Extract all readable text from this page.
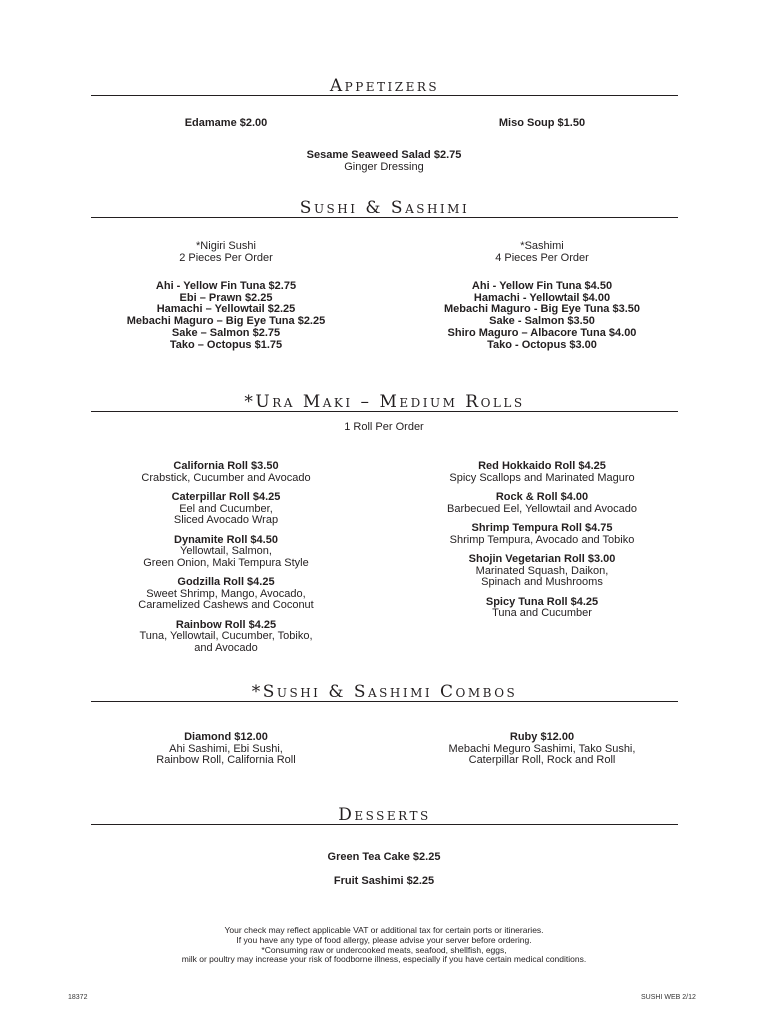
Appetizers
Edamame $2.00	Miso Soup $1.50
Sesame Seaweed Salad $2.75
Ginger Dressing
Sushi & Sashimi
*Nigiri Sushi
2 Pieces Per Order
Ahi - Yellow Fin Tuna $2.75
Ebi – Prawn $2.25
Hamachi – Yellowtail $2.25
Mebachi Maguro – Big Eye Tuna $2.25
Sake – Salmon $2.75
Tako – Octopus $1.75
*Sashimi
4 Pieces Per Order
Ahi - Yellow Fin Tuna $4.50
Hamachi - Yellowtail $4.00
Mebachi Maguro - Big Eye Tuna $3.50
Sake - Salmon $3.50
Shiro Maguro – Albacore Tuna $4.00
Tako - Octopus $3.00
*Ura Maki – Medium Rolls
1 Roll Per Order
California Roll $3.50
Crabstick, Cucumber and Avocado
Caterpillar Roll $4.25
Eel and Cucumber,
Sliced Avocado Wrap
Dynamite Roll $4.50
Yellowtail, Salmon,
Green Onion, Maki Tempura Style
Godzilla Roll $4.25
Sweet Shrimp, Mango, Avocado,
Caramelized Cashews and Coconut
Rainbow Roll $4.25
Tuna, Yellowtail, Cucumber, Tobiko,
and Avocado
Red Hokkaido Roll $4.25
Spicy Scallops and Marinated Maguro
Rock & Roll $4.00
Barbecued Eel, Yellowtail and Avocado
Shrimp Tempura Roll $4.75
Shrimp Tempura, Avocado and Tobiko
Shojin Vegetarian Roll $3.00
Marinated Squash, Daikon,
Spinach and Mushrooms
Spicy Tuna Roll $4.25
Tuna and Cucumber
*Sushi & Sashimi Combos
Diamond $12.00
Ahi Sashimi, Ebi Sushi,
Rainbow Roll, California Roll
Ruby $12.00
Mebachi Meguro Sashimi, Tako Sushi,
Caterpillar Roll, Rock and Roll
Desserts
Green Tea Cake $2.25
Fruit Sashimi $2.25
Your check may reflect applicable VAT or additional tax for certain ports or itineraries.
If you have any type of food allergy, please advise your server before ordering.
*Consuming raw or undercooked meats, seafood, shellfish, eggs,
milk or poultry may increase your risk of foodborne illness, especially if you have certain medical conditions.
18372	SUSHI WEB 2/12
